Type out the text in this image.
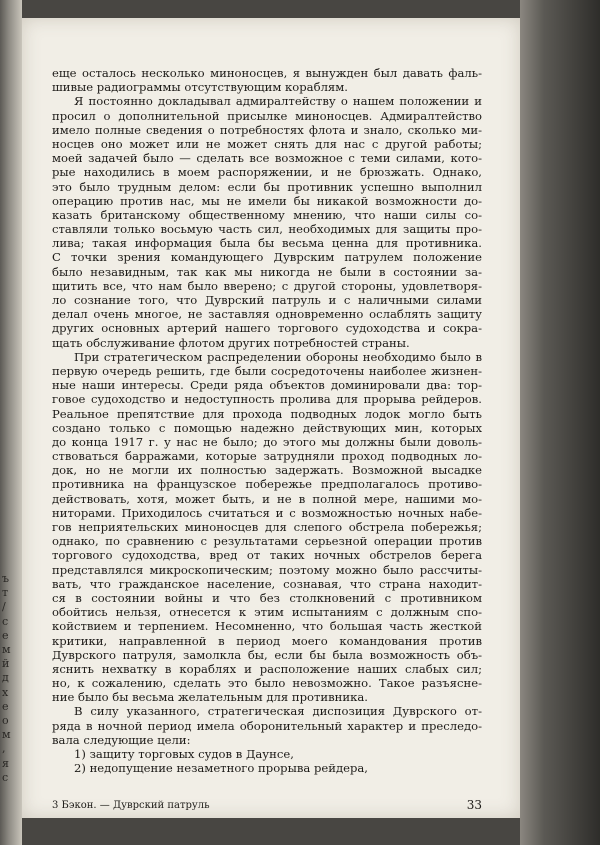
ъ
т
/
с
е
м
й
д
х
е
о
м
,
я
с
еще осталось несколько миноносцев, я вынужден был давать фаль-
шивые радиограммы отсутствующим кораблям.
Я постоянно докладывал адмиралтейству о нашем положении и
просил о дополнительной присылке миноносцев. Адмиралтейство
имело полные сведения о потребностях флота и знало, сколько ми-
носцев оно может или не может снять для нас с другой работы;
моей задачей было — сделать все возможное с теми силами, кото-
рые находились в моем распоряжении, и не брюзжать. Однако,
это было трудным делом: если бы противник успешно выполнил
операцию против нас, мы не имели бы никакой возможности до-
казать британскому общественному мнению, что наши силы со-
ставляли только восьмую часть сил, необходимых для защиты про-
лива; такая информация была бы весьма ценна для противника.
С точки зрения командующего Дуврским патрулем положение
было незавидным, так как мы никогда не были в состоянии за-
щитить все, что нам было вверено; с другой стороны, удовлетворя-
ло сознание того, что Дуврский патруль и с наличными силами
делал очень многое, не заставляя одновременно ослаблять защиту
других основных артерий нашего торгового судоходства и сокра-
щать обслуживание флотом других потребностей страны.
При стратегическом распределении обороны необходимо было в
первую очередь решить, где были сосредоточены наиболее жизнен-
ные наши интересы. Среди ряда объектов доминировали два: тор-
говое судоходство и недоступность пролива для прорыва рейдеров.
Реальное препятствие для прохода подводных лодок могло быть
создано только с помощью надежно действующих мин, которых
до конца 1917 г. у нас не было; до этого мы должны были доволь-
ствоваться барражами, которые затрудняли проход подводных ло-
док, но не могли их полностью задержать. Возможной высадке
противника на французское побережье предполагалось противо-
действовать, хотя, может быть, и не в полной мере, нашими мо-
ниторами. Приходилось считаться и с возможностью ночных набе-
гов неприятельских миноносцев для слепого обстрела побережья;
однако, по сравнению с результатами серьезной операции против
торгового судоходства, вред от таких ночных обстрелов берега
представлялся микроскопическим; поэтому можно было рассчиты-
вать, что гражданское население, сознавая, что страна находит-
ся в состоянии войны и что без столкновений с противником
обойтись нельзя, отнесется к этим испытаниям с должным спо-
койствием и терпением. Несомненно, что большая часть жесткой
критики, направленной в период моего командования против
Дуврского патруля, замолкла бы, если бы была возможность объ-
яснить нехватку в кораблях и расположение наших слабых сил;
но, к сожалению, сделать это было невозможно. Такое разъясне-
ние было бы весьма желательным для противника.
В силу указанного, стратегическая диспозиция Дуврского от-
ряда в ночной период имела оборонительный характер и преследо-
вала следующие цели:
1) защиту торговых судов в Даунсе,
2) недопущение незаметного прорыва рейдера,
3 Бэкон. — Дуврский патруль	33
